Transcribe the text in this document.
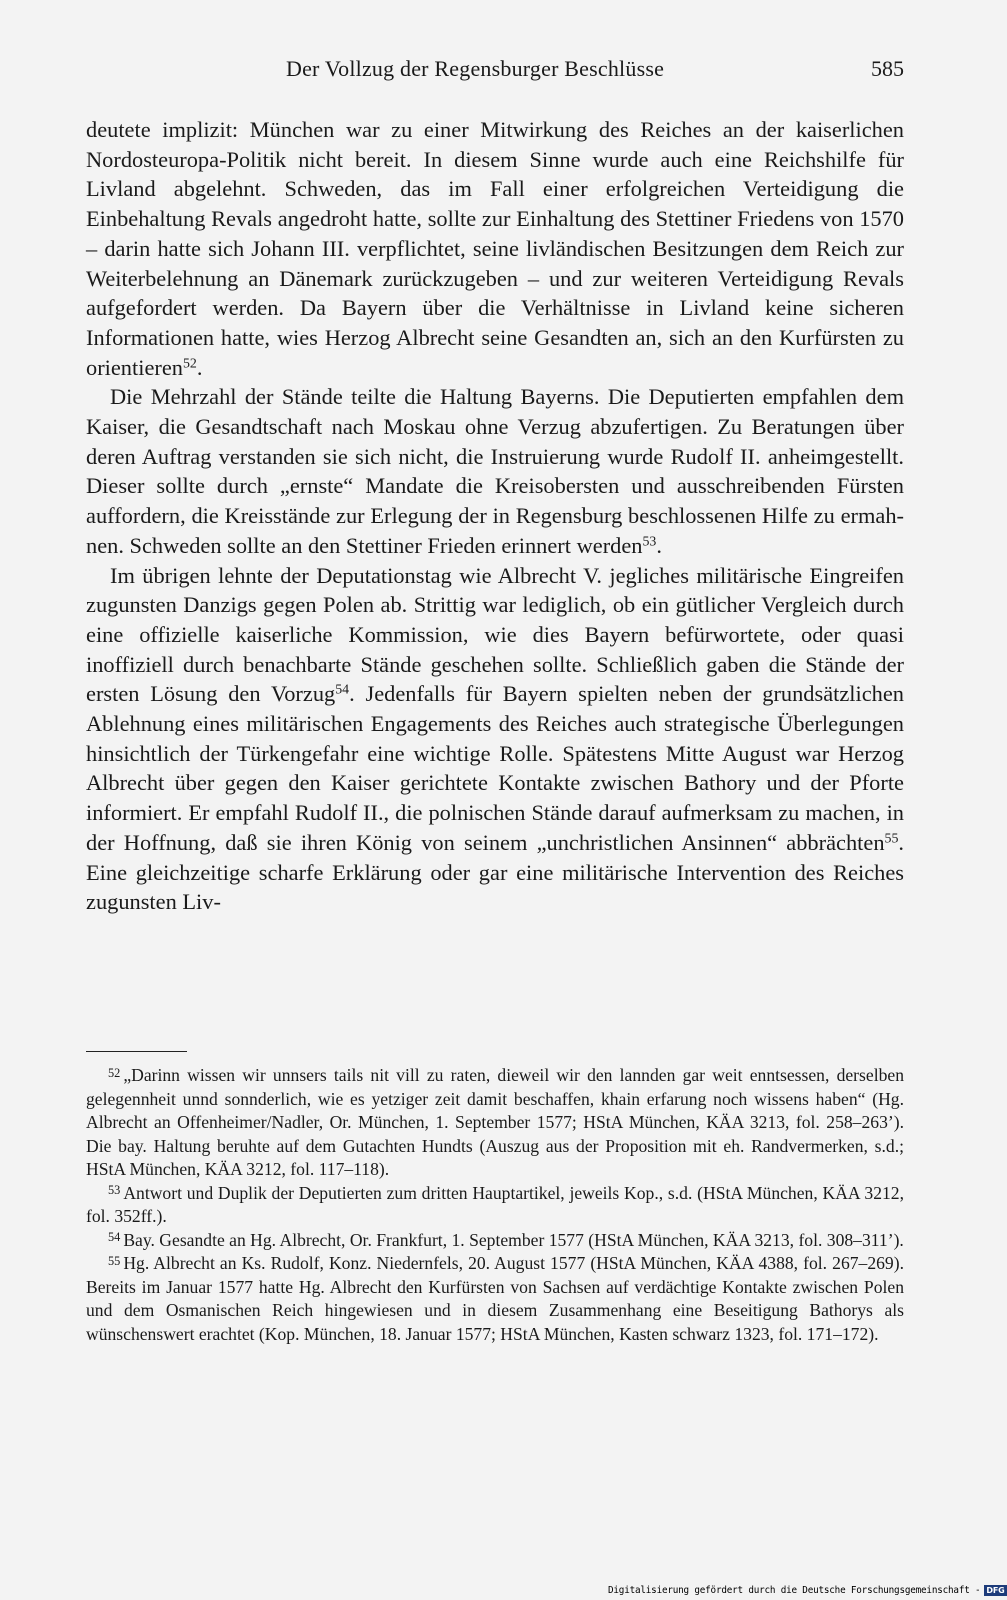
Der Vollzug der Regensburger Beschlüsse	585

deutete implizit: München war zu einer Mitwirkung des Reiches an der kaiserlichen Nordosteuropa-Politik nicht bereit. In diesem Sinne wurde auch eine Reichshilfe für Livland abgelehnt. Schweden, das im Fall einer erfolgreichen Verteidigung die Einbehaltung Revals angedroht hatte, sollte zur Einhaltung des Stettiner Friedens von 1570 – darin hatte sich Johann III. verpflichtet, seine livländischen Besitzungen dem Reich zur Weiterbelehnung an Dänemark zurückzugeben – und zur weiteren Verteidigung Revals aufgefordert werden. Da Bayern über die Verhältnisse in Livland keine sicheren Informationen hatte, wies Herzog Albrecht seine Gesandten an, sich an den Kurfürsten zu orientieren$^{52}$.

Die Mehrzahl der Stände teilte die Haltung Bayerns. Die Deputierten empfahlen dem Kaiser, die Gesandtschaft nach Moskau ohne Verzug abzufertigen. Zu Beratungen über deren Auftrag verstanden sie sich nicht, die Instruierung wurde Rudolf II. anheimgestellt. Dieser sollte durch „ernste“ Mandate die Kreisobersten und ausschreibenden Fürsten auffordern, die Kreisstände zur Erlegung der in Regensburg beschlossenen Hilfe zu ermahnen. Schweden sollte an den Stettiner Frieden erinnert werden$^{53}$.

Im übrigen lehnte der Deputationstag wie Albrecht V. jegliches militärische Eingreifen zugunsten Danzigs gegen Polen ab. Strittig war lediglich, ob ein gütlicher Vergleich durch eine offizielle kaiserliche Kommission, wie dies Bayern befürwortete, oder quasi inoffiziell durch benachbarte Stände geschehen sollte. Schließlich gaben die Stände der ersten Lösung den Vorzug$^{54}$. Jedenfalls für Bayern spielten neben der grundsätzlichen Ablehnung eines militärischen Engagements des Reiches auch strategische Überlegungen hinsichtlich der Türkengefahr eine wichtige Rolle. Spätestens Mitte August war Herzog Albrecht über gegen den Kaiser gerichtete Kontakte zwischen Bathory und der Pforte informiert. Er empfahl Rudolf II., die polnischen Stände darauf aufmerksam zu machen, in der Hoffnung, daß sie ihren König von seinem „unchristlichen Ansinnen“ abbrächten$^{55}$. Eine gleichzeitige scharfe Erklärung oder gar eine militärische Intervention des Reiches zugunsten Liv-

$^{52}$ „Darinn wissen wir unnsers tails nit vill zu raten, dieweil wir den lannden gar weit enntsessen, derselben gelegennheit unnd sonnderlich, wie es yetziger zeit damit beschaffen, khain erfarung noch wissens haben“ (Hg. Albrecht an Offenheimer/Nadler, Or. München, 1. September 1577; HStA München, KÄA 3213, fol. 258–263’). Die bay. Haltung beruhte auf dem Gutachten Hundts (Auszug aus der Proposition mit eh. Randvermerken, s.d.; HStA München, KÄA 3212, fol. 117–118).

$^{53}$ Antwort und Duplik der Deputierten zum dritten Hauptartikel, jeweils Kop., s.d. (HStA München, KÄA 3212, fol. 352ff.).

$^{54}$ Bay. Gesandte an Hg. Albrecht, Or. Frankfurt, 1. September 1577 (HStA München, KÄA 3213, fol. 308–311’).

$^{55}$ Hg. Albrecht an Ks. Rudolf, Konz. Niedernfels, 20. August 1577 (HStA München, KÄA 4388, fol. 267–269). Bereits im Januar 1577 hatte Hg. Albrecht den Kurfürsten von Sachsen auf verdächtige Kontakte zwischen Polen und dem Osmanischen Reich hingewiesen und in diesem Zusammenhang eine Beseitigung Bathorys als wünschenswert erachtet (Kop. München, 18. Januar 1577; HStA München, Kasten schwarz 1323, fol. 171–172).

Digitalisierung gefördert durch die Deutsche Forschungsgemeinschaft - DFG
